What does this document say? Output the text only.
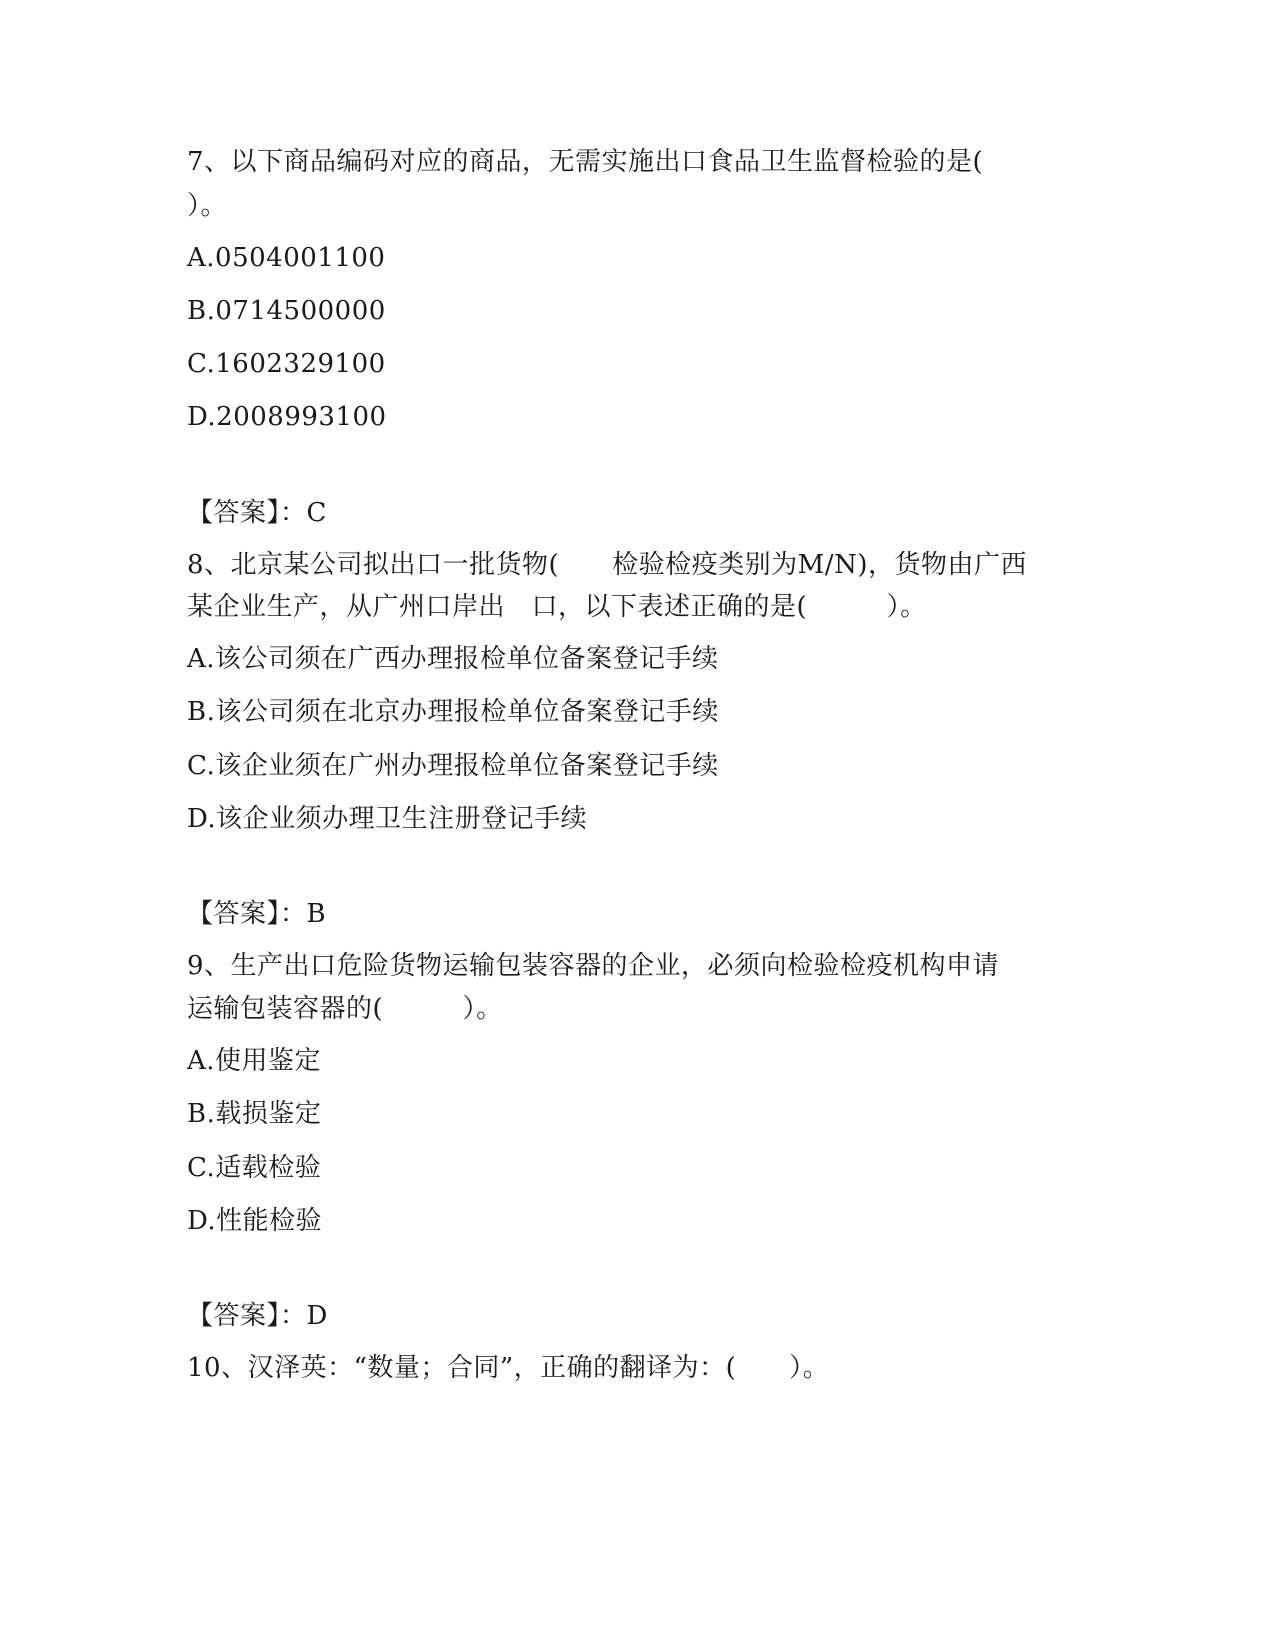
7、以下商品编码对应的商品，无需实施出口食品卫生监督检验的是(
）。
A.0504001100
B.0714500000
C.1602329100
D.2008993100
【答案】：C
8、北京某公司拟出口一批货物(　　检验检疫类别为M/N)，货物由广西
某企业生产，从广州口岸出　口，以下表述正确的是(　　　）。
A.该公司须在广西办理报检单位备案登记手续
B.该公司须在北京办理报检单位备案登记手续
C.该企业须在广州办理报检单位备案登记手续
D.该企业须办理卫生注册登记手续
【答案】：B
9、生产出口危险货物运输包装容器的企业，必须向检验检疫机构申请
运输包装容器的(　　　）。
A.使用鉴定
B.载损鉴定
C.适载检验
D.性能检验
【答案】：D
10、汉泽英：“数量；合同”，正确的翻译为：(　　）。
